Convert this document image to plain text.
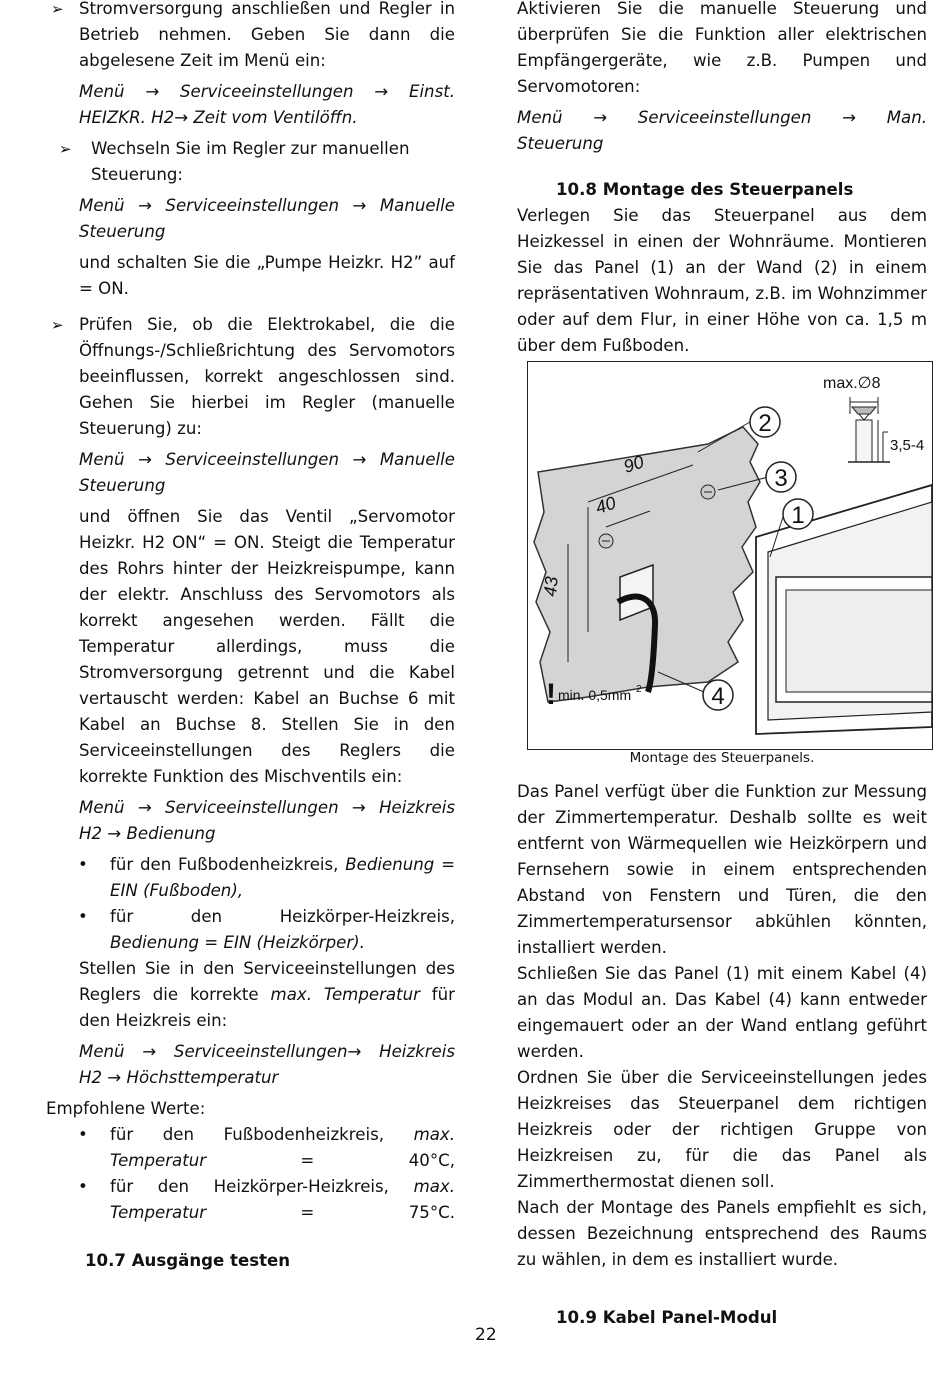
➢ Stromversorgung anschließen und Regler in Betrieb nehmen. Geben Sie dann die abgelesene Zeit im Menü ein:

Menü → Serviceeinstellungen → Einst.

HEIZKR. H2→ Zeit vom Ventilöffn.

➢	Wechseln Sie im Regler zur manuellen

Steuerung:

Menü → Serviceeinstellungen → Manuelle

Steuerung

und schalten Sie die „Pumpe Heizkr. H2” auf = ON.

➢ Prüfen Sie, ob die Elektrokabel, die die Öffnungs-/Schließrichtung des Servomotors beeinflussen, korrekt angeschlossen sind. Gehen Sie hierbei im Regler (manuelle Steuerung) zu:

Menü → Serviceeinstellungen → Manuelle

Steuerung

und öffnen Sie das Ventil „Servomotor Heizkr. H2 ON“ = ON. Steigt die Temperatur des Rohrs hinter der Heizkreispumpe, kann der elektr. Anschluss des Servomotors als korrekt angesehen werden. Fällt die Temperatur allerdings, muss die Stromversorgung getrennt und die Kabel vertauscht werden: Kabel an Buchse 6 mit Kabel an Buchse 8. Stellen Sie in den Serviceeinstellungen des Reglers die korrekte Funktion des Mischventils ein:

Menü → Serviceeinstellungen → Heizkreis

H2 → Bedienung

• für den Fußbodenheizkreis, Bedienung = EIN (Fußboden),

• für den Heizkörper-Heizkreis,

Bedienung = EIN (Heizkörper).

Stellen Sie in den Serviceeinstellungen des Reglers die korrekte max. Temperatur für den Heizkreis ein:

Menü → Serviceeinstellungen→ Heizkreis

H2 → Höchsttemperatur

Empfohlene Werte:

• für den Fußbodenheizkreis, max. Temperatur = 40°C,

• für den Heizkörper-Heizkreis, max. Temperatur = 75°C.

10.7 Ausgänge testen

Aktivieren Sie die manuelle Steuerung und überprüfen Sie die Funktion aller elektrischen Empfängergeräte, wie z.B. Pumpen und Servomotoren:

Menü → Serviceeinstellungen → Man.

Steuerung

10.8 Montage des Steuerpanels

Verlegen Sie das Steuerpanel aus dem Heizkessel in einen der Wohnräume. Montieren Sie das Panel (1) an der Wand (2) in einem repräsentativen Wohnraum, z.B. im Wohnzimmer oder auf dem Flur, in einer Höhe von ca. 1,5 m über dem Fußboden.

90
40
43
2
3
1
4
max.∅8
3,5-4
! min. 0,5mm 2
Montage des Steuerpanels.

Das Panel verfügt über die Funktion zur Messung der Zimmertemperatur. Deshalb sollte es weit entfernt von Wärmequellen wie Heizkörpern und Fernsehern sowie in einem entsprechenden Abstand von Fenstern und Türen, die den Zimmertemperatursensor abkühlen könnten, installiert werden.

Schließen Sie das Panel (1) mit einem Kabel (4) an das Modul an. Das Kabel (4) kann entweder eingemauert oder an der Wand entlang geführt werden.

Ordnen Sie über die Serviceeinstellungen jedes Heizkreises das Steuerpanel dem richtigen Heizkreis oder der richtigen Gruppe von Heizkreisen zu, für die das Panel als Zimmerthermostat dienen soll.

Nach der Montage des Panels empfiehlt es sich, dessen Bezeichnung entsprechend des Raums zu wählen, in dem es installiert wurde.

10.9 Kabel Panel-Modul
22
